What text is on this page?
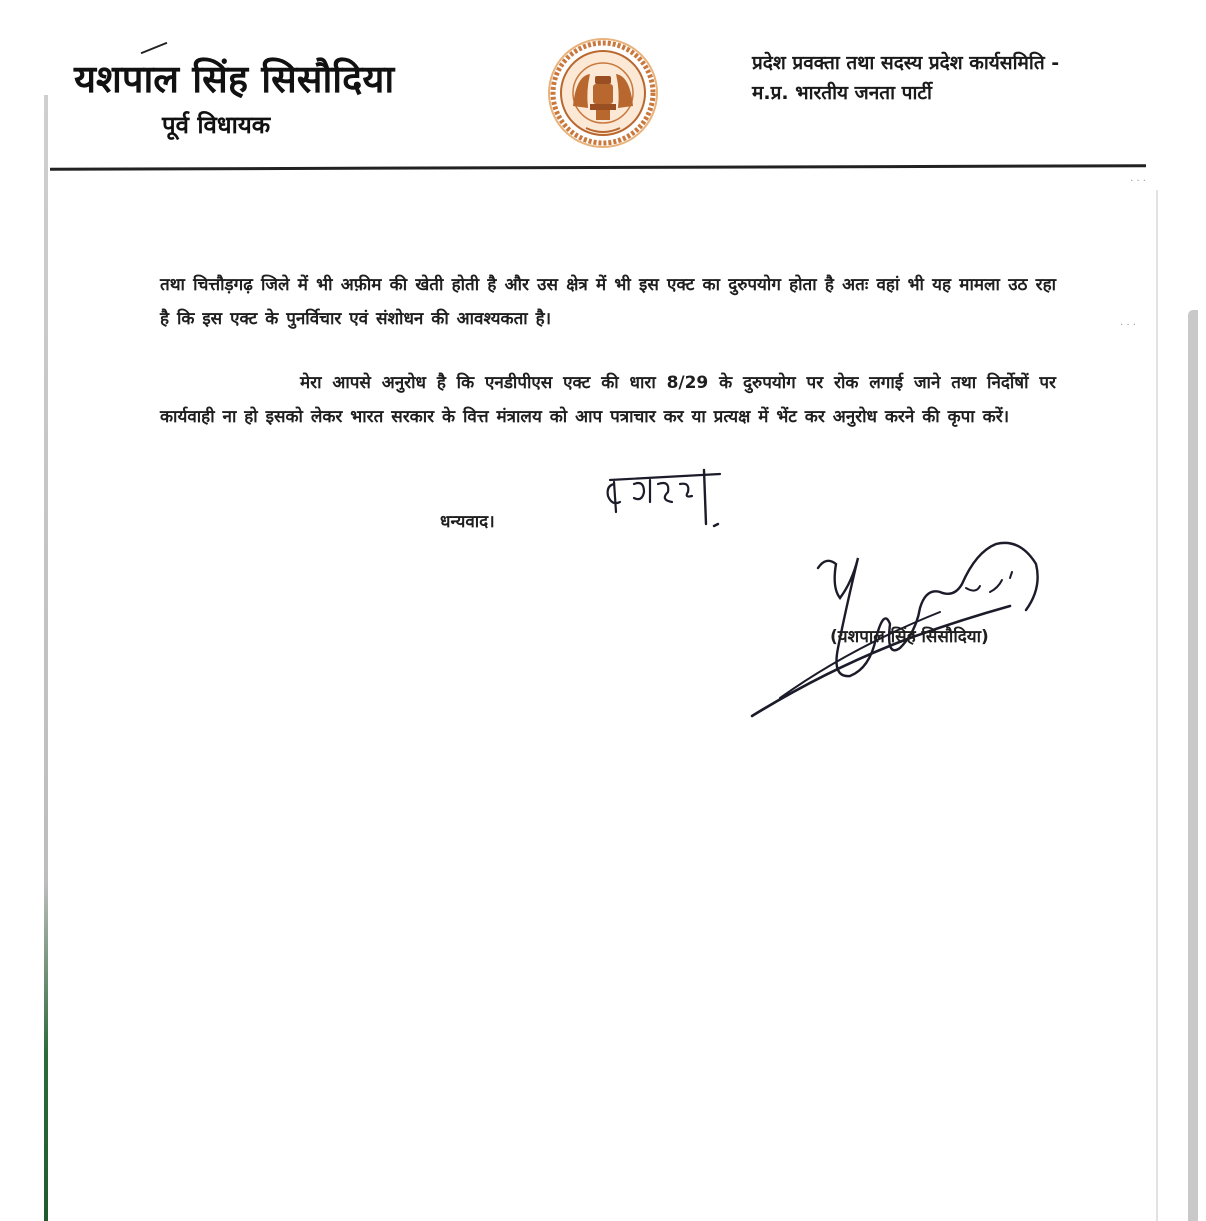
यशपाल सिंह सिसौदिया
पूर्व विधायक
प्रदेश प्रवक्ता तथा सदस्य प्रदेश कार्यसमिति -
म.प्र. भारतीय जनता पार्टी
· · ·
· · ·
तथा चित्तौड़गढ़ जिले में भी अफ़ीम की खेती होती है और उस क्षेत्र में भी इस एक्ट का दुरुपयोग होता है अतः वहां भी यह मामला उठ रहा है कि इस एक्ट के पुनर्विचार एवं संशोधन की आवश्यकता है।
मेरा आपसे अनुरोध है कि एनडीपीएस एक्ट की धारा 8/29 के दुरुपयोग पर रोक लगाई जाने तथा निर्दोषों पर कार्यवाही ना हो इसको लेकर भारत सरकार के वित्त मंत्रालय को आप पत्राचार कर या प्रत्यक्ष में भेंट कर अनुरोध करने की कृपा करें।
धन्यवाद।
(यशपाल सिंह सिसौदिया)
